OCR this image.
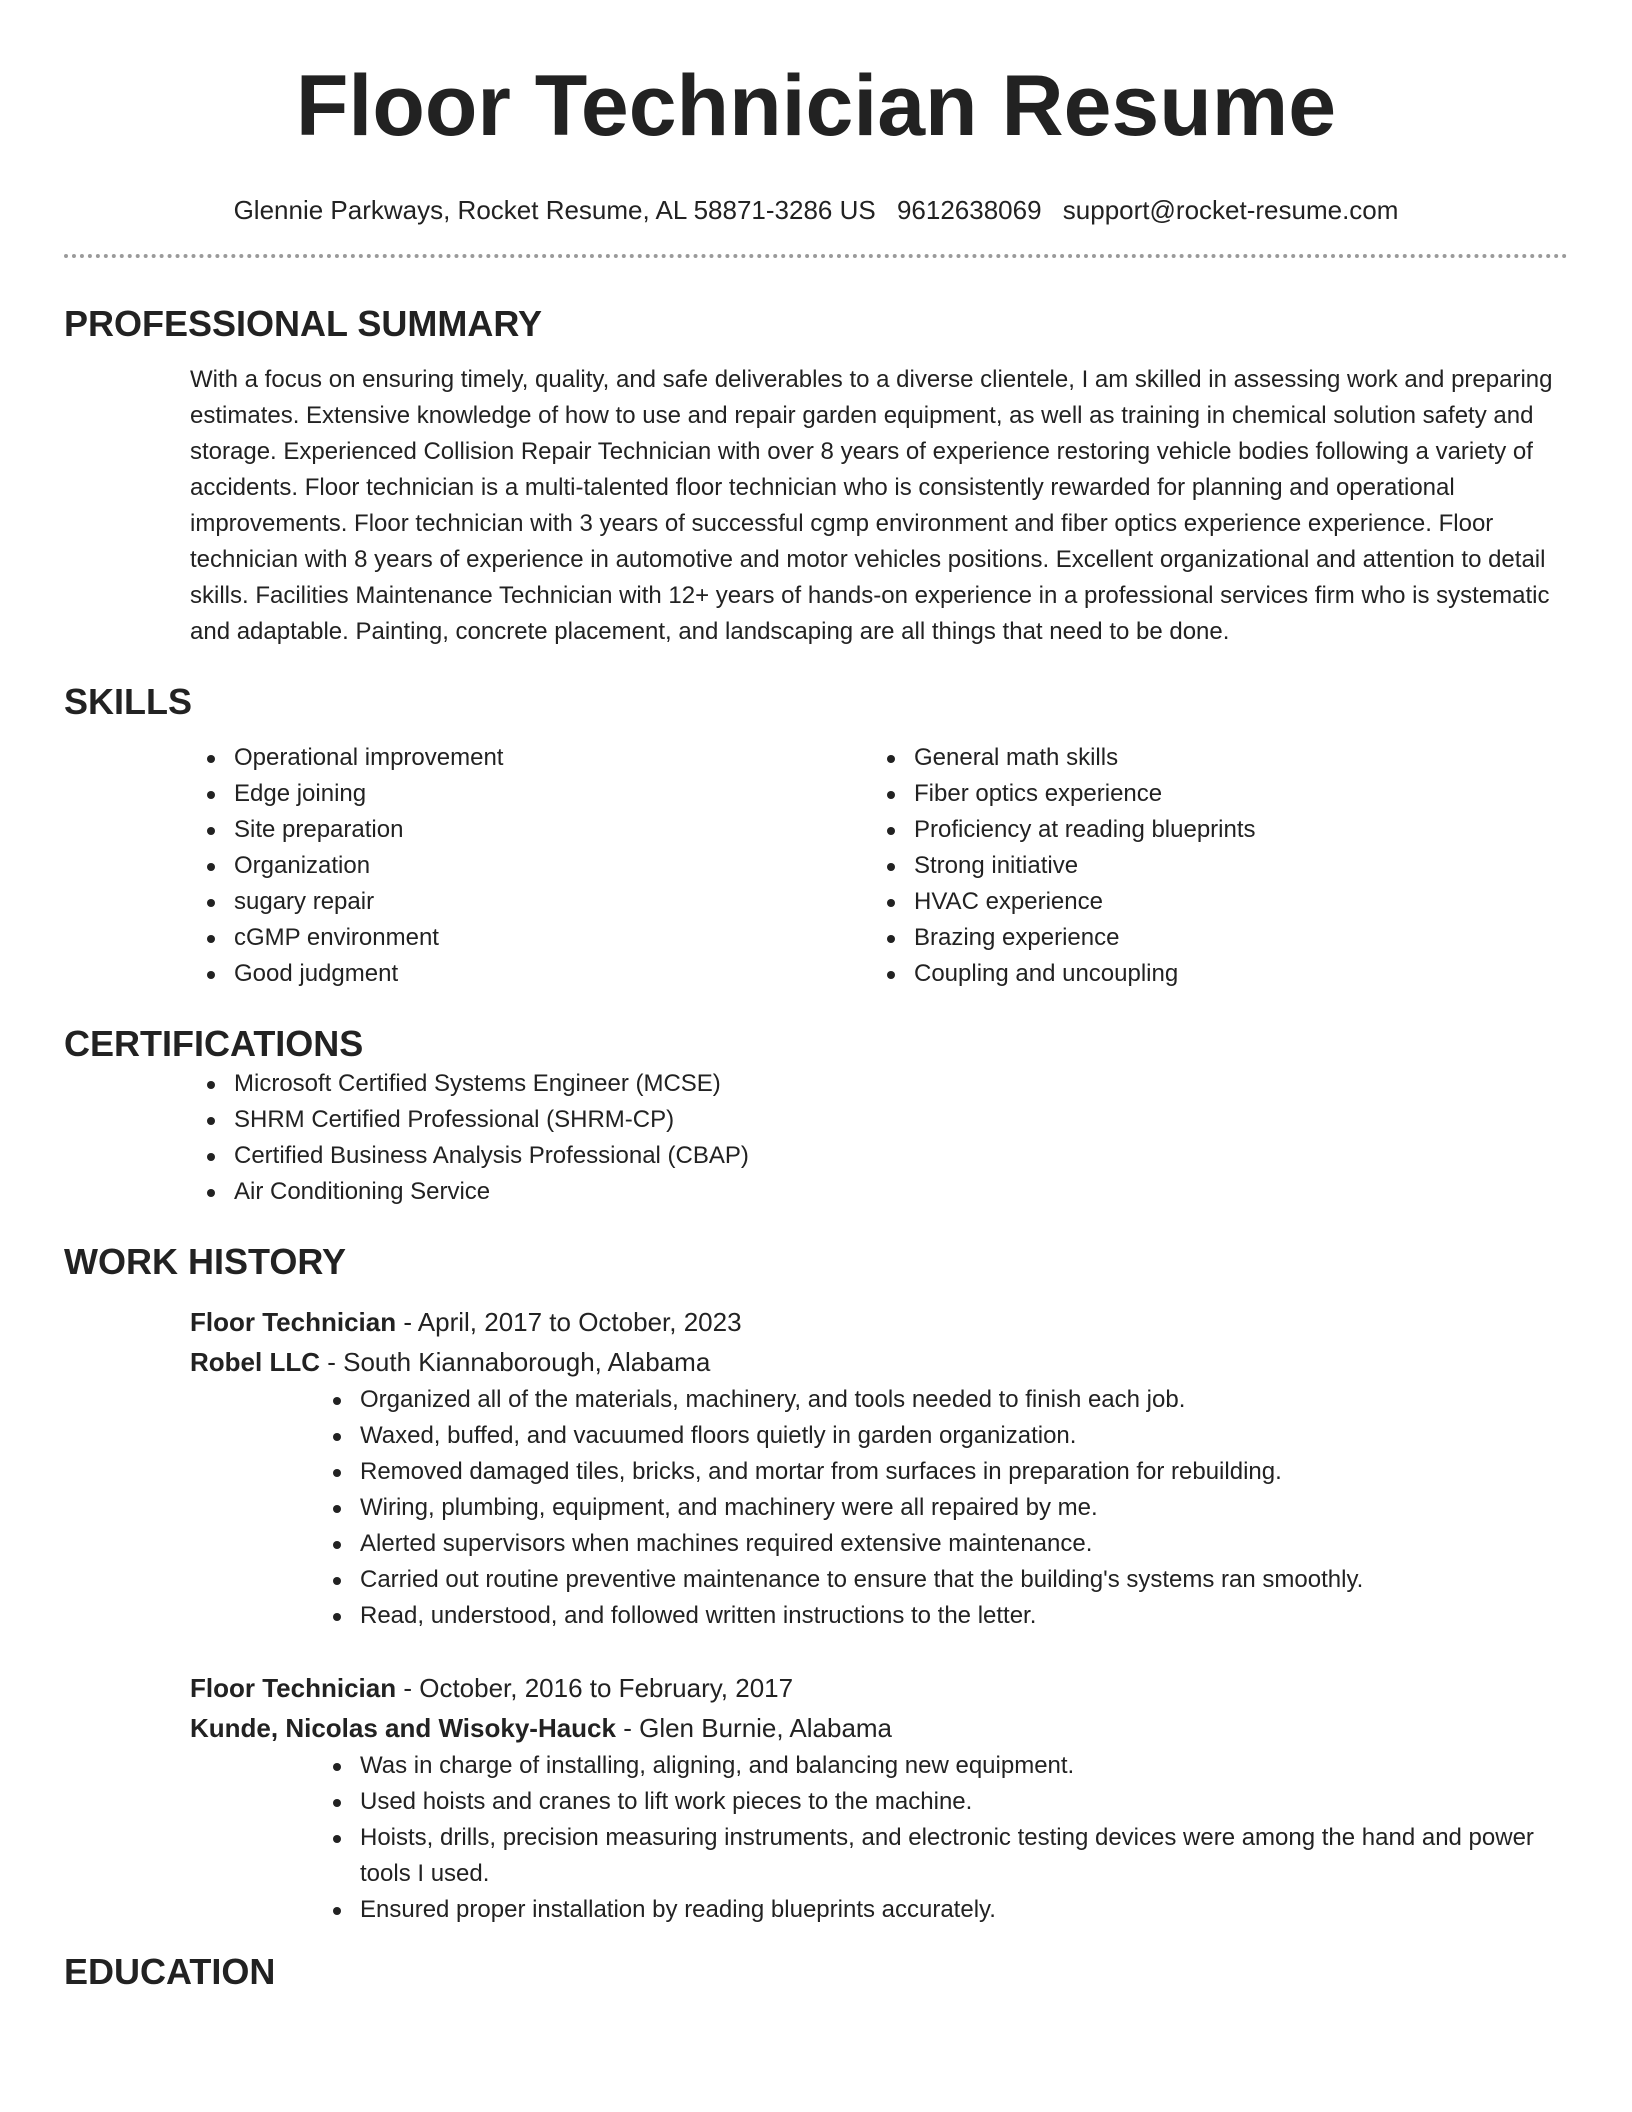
Floor Technician Resume
Glennie Parkways, Rocket Resume, AL 58871-3286 US 9612638069 support@rocket-resume.com
PROFESSIONAL SUMMARY

With a focus on ensuring timely, quality, and safe deliverables to a diverse clientele, I am skilled in assessing work and preparing estimates. Extensive knowledge of how to use and repair garden equipment, as well as training in chemical solution safety and storage. Experienced Collision Repair Technician with over 8 years of experience restoring vehicle bodies following a variety of accidents. Floor technician is a multi-talented floor technician who is consistently rewarded for planning and operational improvements. Floor technician with 3 years of successful cgmp environment and fiber optics experience experience. Floor technician with 8 years of experience in automotive and motor vehicles positions. Excellent organizational and attention to detail skills. Facilities Maintenance Technician with 12+ years of hands-on experience in a professional services firm who is systematic and adaptable. Painting, concrete placement, and landscaping are all things that need to be done.

SKILLS
Operational improvement
Edge joining
Site preparation
Organization
sugary repair
cGMP environment
Good judgment
General math skills
Fiber optics experience
Proficiency at reading blueprints
Strong initiative
HVAC experience
Brazing experience
Coupling and uncoupling
CERTIFICATIONS
Microsoft Certified Systems Engineer (MCSE)
SHRM Certified Professional (SHRM-CP)
Certified Business Analysis Professional (CBAP)
Air Conditioning Service
WORK HISTORY
Floor Technician - April, 2017 to October, 2023
Robel LLC - South Kiannaborough, Alabama
Organized all of the materials, machinery, and tools needed to finish each job.
Waxed, buffed, and vacuumed floors quietly in garden organization.
Removed damaged tiles, bricks, and mortar from surfaces in preparation for rebuilding.
Wiring, plumbing, equipment, and machinery were all repaired by me.
Alerted supervisors when machines required extensive maintenance.
Carried out routine preventive maintenance to ensure that the building's systems ran smoothly.
Read, understood, and followed written instructions to the letter.
Floor Technician - October, 2016 to February, 2017
Kunde, Nicolas and Wisoky-Hauck - Glen Burnie, Alabama
Was in charge of installing, aligning, and balancing new equipment.
Used hoists and cranes to lift work pieces to the machine.
Hoists, drills, precision measuring instruments, and electronic testing devices were among the hand and power tools I used.
Ensured proper installation by reading blueprints accurately.
EDUCATION
